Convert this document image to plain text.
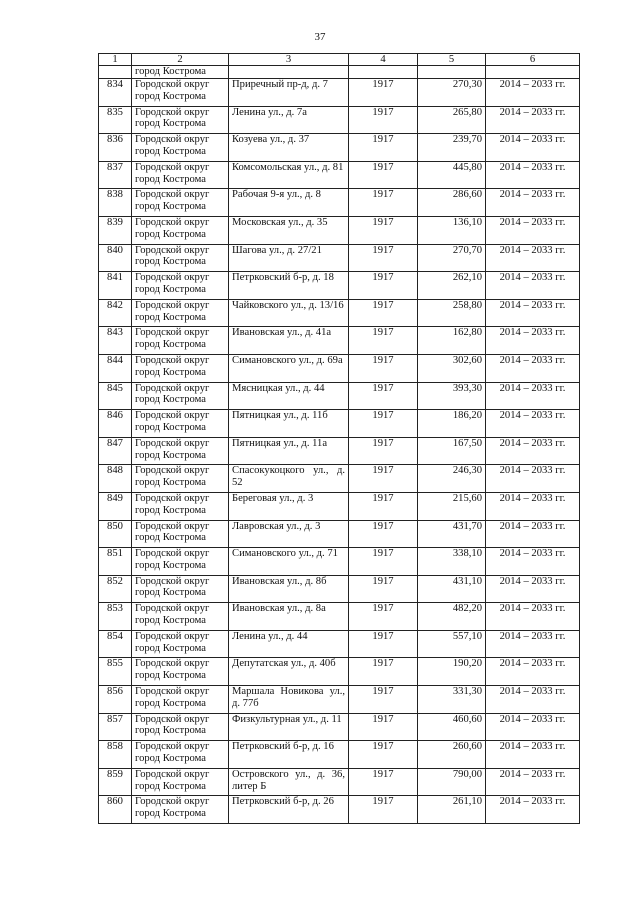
37
1	2	3	4	5	6
	город Кострома				
834	Городской округ город Кострома	Приречный пр-д, д. 7	1917	270,30	2014 – 2033 гг.
835	Городской округ город Кострома	Ленина ул., д. 7а	1917	265,80	2014 – 2033 гг.
836	Городской округ город Кострома	Козуева ул., д. 37	1917	239,70	2014 – 2033 гг.
837	Городской округ город Кострома	Комсомольская ул., д. 81	1917	445,80	2014 – 2033 гг.
838	Городской округ город Кострома	Рабочая 9-я ул., д. 8	1917	286,60	2014 – 2033 гг.
839	Городской округ город Кострома	Московская ул., д. 35	1917	136,10	2014 – 2033 гг.
840	Городской округ город Кострома	Шагова ул., д. 27/21	1917	270,70	2014 – 2033 гг.
841	Городской округ город Кострома	Петрковский б-р, д. 18	1917	262,10	2014 – 2033 гг.
842	Городской округ город Кострома	Чайковского ул., д. 13/16	1917	258,80	2014 – 2033 гг.
843	Городской округ город Кострома	Ивановская ул., д. 41а	1917	162,80	2014 – 2033 гг.
844	Городской округ город Кострома	Симановского ул., д. 69а	1917	302,60	2014 – 2033 гг.
845	Городской округ город Кострома	Мясницкая ул., д. 44	1917	393,30	2014 – 2033 гг.
846	Городской округ город Кострома	Пятницкая ул., д. 11б	1917	186,20	2014 – 2033 гг.
847	Городской округ город Кострома	Пятницкая ул., д. 11а	1917	167,50	2014 – 2033 гг.
848	Городской округ город Кострома	Спасокукоцкого ул., д. 52	1917	246,30	2014 – 2033 гг.
849	Городской округ город Кострома	Береговая ул., д. 3	1917	215,60	2014 – 2033 гг.
850	Городской округ город Кострома	Лавровская ул., д. 3	1917	431,70	2014 – 2033 гг.
851	Городской округ город Кострома	Симановского ул., д. 71	1917	338,10	2014 – 2033 гг.
852	Городской округ город Кострома	Ивановская ул., д. 8б	1917	431,10	2014 – 2033 гг.
853	Городской округ город Кострома	Ивановская ул., д. 8а	1917	482,20	2014 – 2033 гг.
854	Городской округ город Кострома	Ленина ул., д. 44	1917	557,10	2014 – 2033 гг.
855	Городской округ город Кострома	Депутатская ул., д. 40б	1917	190,20	2014 – 2033 гг.
856	Городской округ город Кострома	Маршала Новикова ул., д. 77б	1917	331,30	2014 – 2033 гг.
857	Городской округ город Кострома	Физкультурная ул., д. 11	1917	460,60	2014 – 2033 гг.
858	Городской округ город Кострома	Петрковский б-р, д. 16	1917	260,60	2014 – 2033 гг.
859	Городской округ город Кострома	Островского ул., д. 36, литер Б	1917	790,00	2014 – 2033 гг.
860	Городской округ город Кострома	Петрковский б-р, д. 26	1917	261,10	2014 – 2033 гг.
